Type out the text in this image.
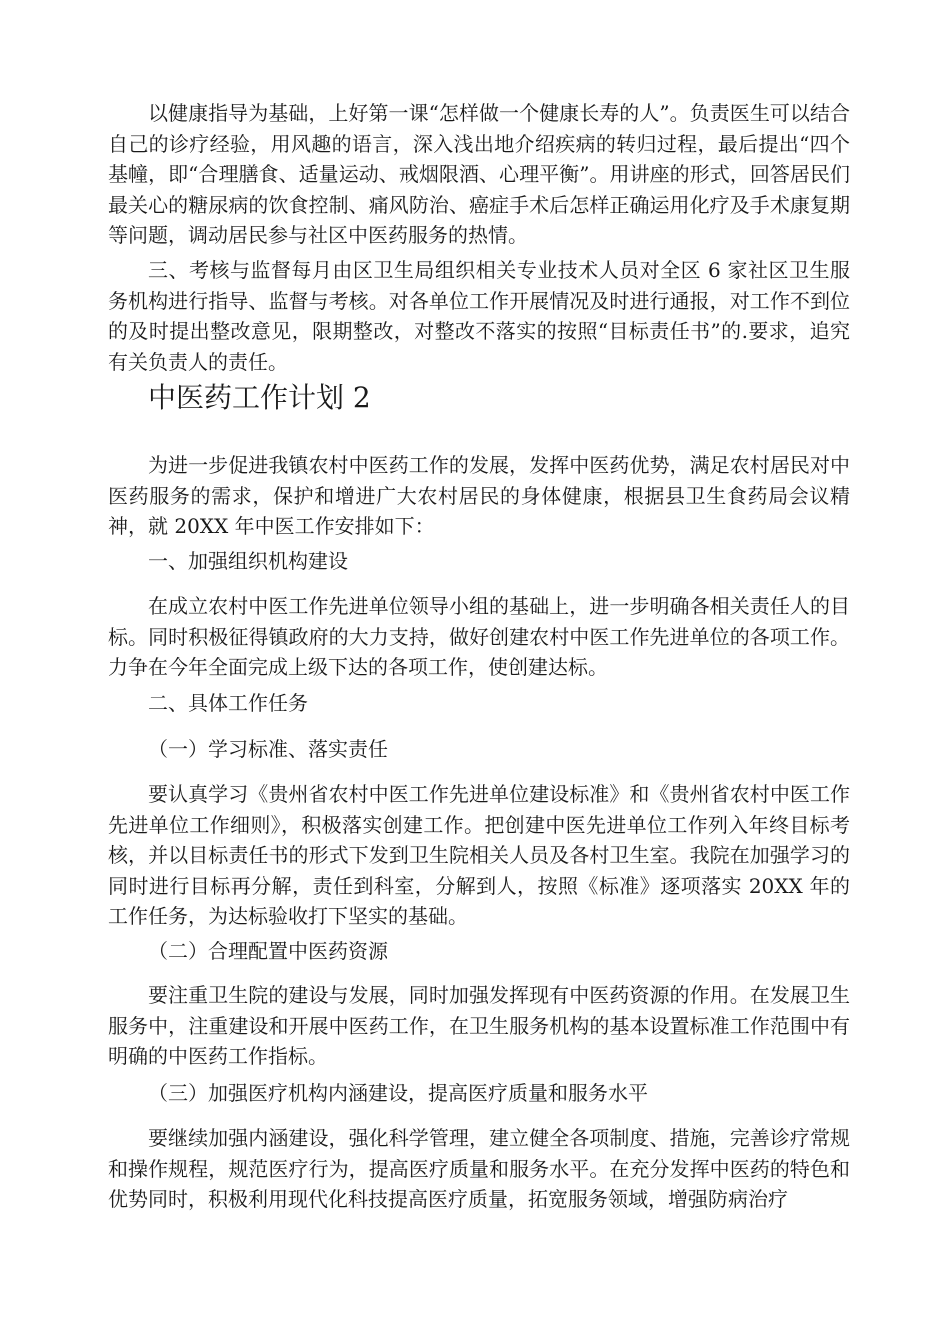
以健康指导为基础，上好第一课“怎样做一个健康长寿的人”。负责医生可以结合自己的诊疗经验，用风趣的语言，深入浅出地介绍疾病的转归过程，最后提出“四个基幢，即“合理膳食、适量运动、戒烟限酒、心理平衡”。用讲座的形式，回答居民们最关心的糖尿病的饮食控制、痛风防治、癌症手术后怎样正确运用化疗及手术康复期等问题，调动居民参与社区中医药服务的热情。

三、考核与监督每月由区卫生局组织相关专业技术人员对全区 6 家社区卫生服务机构进行指导、监督与考核。对各单位工作开展情况及时进行通报，对工作不到位的及时提出整改意见，限期整改，对整改不落实的按照“目标责任书”的.要求，追究有关负责人的责任。

中医药工作计划 2

为进一步促进我镇农村中医药工作的发展，发挥中医药优势，满足农村居民对中医药服务的需求，保护和增进广大农村居民的身体健康，根据县卫生食药局会议精神，就 20XX 年中医工作安排如下：

一、加强组织机构建设

在成立农村中医工作先进单位领导小组的基础上，进一步明确各相关责任人的目标。同时积极征得镇政府的大力支持，做好创建农村中医工作先进单位的各项工作。力争在今年全面完成上级下达的各项工作，使创建达标。

二、具体工作任务

（一）学习标准、落实责任

要认真学习《贵州省农村中医工作先进单位建设标准》和《贵州省农村中医工作先进单位工作细则》，积极落实创建工作。把创建中医先进单位工作列入年终目标考核，并以目标责任书的形式下发到卫生院相关人员及各村卫生室。我院在加强学习的同时进行目标再分解，责任到科室，分解到人，按照《标准》逐项落实 20XX 年的工作任务，为达标验收打下坚实的基础。

（二）合理配置中医药资源

要注重卫生院的建设与发展，同时加强发挥现有中医药资源的作用。在发展卫生服务中，注重建设和开展中医药工作，在卫生服务机构的基本设置标准工作范围中有明确的中医药工作指标。

（三）加强医疗机构内涵建设，提高医疗质量和服务水平

要继续加强内涵建设，强化科学管理，建立健全各项制度、措施，完善诊疗常规和操作规程，规范医疗行为，提高医疗质量和服务水平。在充分发挥中医药的特色和优势同时，积极利用现代化科技提高医疗质量，拓宽服务领域，增强防病治疗
